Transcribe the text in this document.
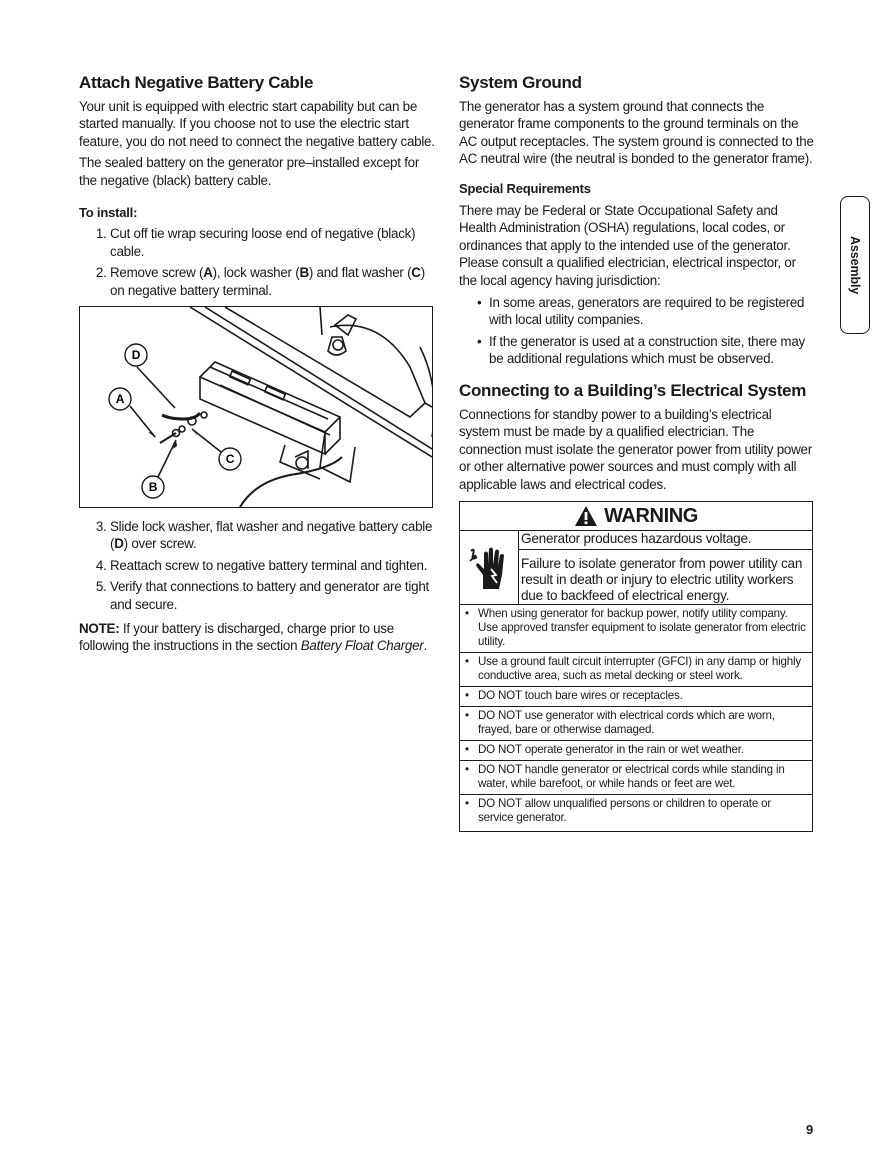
Attach Negative Battery Cable

Your unit is equipped with electric start capability but can be started manually. If you choose not to use the electric start feature, you do not need to connect the negative battery cable.

The sealed battery on the generator pre–installed except for the negative (black) battery cable.

To install:
1. Cut off tie wrap securing loose end of negative (black) cable.
2. Remove screw (A), lock washer (B) and flat washer (C) on negative battery terminal.
D
A
C
B
3. Slide lock washer, flat washer and negative battery cable (D) over screw.
4. Reattach screw to negative battery terminal and tighten.
5. Verify that connections to battery and generator are tight and secure.

NOTE: If your battery is discharged, charge prior to use following the instructions in the section Battery Float Charger.

System Ground

The generator has a system ground that connects the generator frame components to the ground terminals on the AC output receptacles. The system ground is connected to the AC neutral wire (the neutral is bonded to the generator frame).

Special Requirements

There may be Federal or State Occupational Safety and Health Administration (OSHA) regulations, local codes, or ordinances that apply to the intended use of the generator. Please consult a qualified electrician, electrical inspector, or the local agency having jurisdiction:

• In some areas, generators are required to be registered with local utility companies.
• If the generator is used at a construction site, there may be additional regulations which must be observed.
Connecting to a Building’s Electrical System

Connections for standby power to a building’s electrical system must be made by a qualified electrician. The connection must isolate the generator power from utility power or other alternative power sources and must comply with all applicable laws and electrical codes.

WARNING
Generator produces hazardous voltage.
Failure to isolate generator from power utility can result in death or injury to electric utility workers due to backfeed of electrical energy.
• When using generator for backup power, notify utility company. Use approved transfer equipment to isolate generator from electric utility.
• Use a ground fault circuit interrupter (GFCI) in any damp or highly conductive area, such as metal decking or steel work.
• DO NOT touch bare wires or receptacles.
• DO NOT use generator with electrical cords which are worn, frayed, bare or otherwise damaged.
• DO NOT operate generator in the rain or wet weather.
• DO NOT handle generator or electrical cords while standing in water, while barefoot, or while hands or feet are wet.
• DO NOT allow unqualified persons or children to operate or service generator.
Assembly
9
